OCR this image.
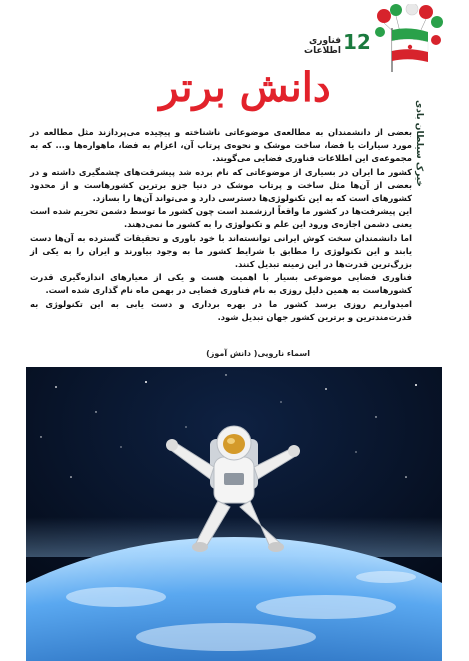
12
فناوری اطلاعات
دانش برتر
خیرک سیلطان بادی

بعضی از دانشمندان به مطالعه‌ی موضوعاتی ناشناخته و پیچیده می‌پردازند مثل مطالعه در مورد سیارات یا فضا، ساخت موشک و نحوه‌ی پرتاب آن، اعزام به فضا، ماهواره‌ها و... که به مجموعه‌ی این اطلاعات فناوری فضایی می‌گویند.

کشور ما ایران در بسیاری از موضوعاتی که نام برده شد پیشرفت‌های چشمگیری داشته و در بعضی از آن‌ها مثل ساخت و پرتاب موشک در دنیا جزو برترین کشورهاست و از محدود کشورهای است که به این تکنولوژی‌ها دسترسی دارد و می‌تواند آن‌ها را بسازد.

این پیشرفت‌ها در کشور ما واقعاً ارزشمند است چون کشور ما توسط دشمن تحریم شده است یعنی دشمن اجازه‌ی ورود این علم و تکنولوژی را به کشور ما نمی‌دهند.

اما دانشمندان سخت کوش ایرانی توانسته‌اند با خود باوری و تحقیقات گسترده به آن‌ها دست یابند و این تکنولوژی را مطابق با شرایط کشور ما به وجود بیاورند و ایران را به یکی از بزرگ‌ترین قدرت‌ها در این زمینه تبدیل کنند.

فناوری فضایی موضوعی بسیار با اهمیت هست و یکی از معیارهای اندازه‌گیری قدرت کشورهاست به همین دلیل روزی به نام فناوری فضایی در بهمن ماه نام گذاری شده است.

امیدواریم روزی برسد کشور ما در بهره برداری و دست یابی به این تکنولوژی به قدرت‌مندترین و برترین کشور جهان تبدیل شود.

اسماء نارویی( دانش آموز)
